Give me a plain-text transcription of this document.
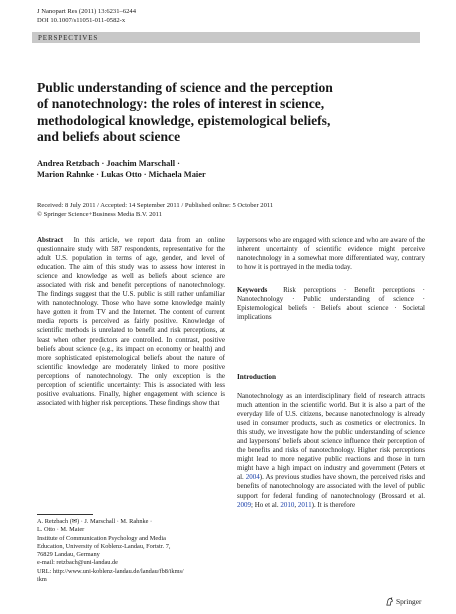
J Nanopart Res (2011) 13:6231–6244
DOI 10.1007/s11051-011-0582-x
PERSPECTIVES
Public understanding of science and the perception
of nanotechnology: the roles of interest in science,
methodological knowledge, epistemological beliefs,
and beliefs about science
Andrea Retzbach · Joachim Marschall ·
Marion Rahnke · Lukas Otto · Michaela Maier
Received: 8 July 2011 / Accepted: 14 September 2011 / Published online: 5 October 2011
© Springer Science+Business Media B.V. 2011
Abstract In this article, we report data from an online questionnaire study with 587 respondents, representative for the adult U.S. population in terms of age, gender, and level of education. The aim of this study was to assess how interest in science and knowledge as well as beliefs about science are associated with risk and benefit perceptions of nanotechnology. The findings suggest that the U.S. public is still rather unfamiliar with nanotechnology. Those who have some knowledge mainly have gotten it from TV and the Internet. The content of current media reports is perceived as fairly positive. Knowledge of scientific methods is unrelated to benefit and risk perceptions, at least when other predictors are controlled. In contrast, positive beliefs about science (e.g., its impact on economy or health) and more sophisticated epistemological beliefs about the nature of scientific knowledge are moderately linked to more positive perceptions of nanotechnology. The only exception is the perception of scientific uncertainty: This is associated with less positive evaluations. Finally, higher engagement with science is associated with higher risk perceptions. These findings show that
laypersons who are engaged with science and who are aware of the inherent uncertainty of scientific evidence might perceive nanotechnology in a somewhat more differentiated way, contrary to how it is portrayed in the media today.
Keywords Risk perceptions · Benefit perceptions · Nanotechnology · Public understanding of science · Epistemological beliefs · Beliefs about science · Societal implications
Introduction
Nanotechnology as an interdisciplinary field of research attracts much attention in the scientific world. But it is also a part of the everyday life of U.S. citizens, because nanotechnology is already used in consumer products, such as cosmetics or electronics. In this study, we investigate how the public understanding of science and laypersons' beliefs about science influence their perception of the benefits and risks of nanotechnology. Higher risk perceptions might lead to more negative public reactions and those in turn might have a high impact on industry and government (Peters et al. 2004). As previous studies have shown, the perceived risks and benefits of nanotechnology are associated with the level of public support for federal funding of nanotechnology (Brossard et al. 2009; Ho et al. 2010, 2011). It is therefore
A. Retzbach (✉) · J. Marschall · M. Rahnke ·
L. Otto · M. Maier
Institute of Communication Psychology and Media
Education, University of Koblenz-Landau, Fortstr. 7,
76829 Landau, Germany
e-mail: retzbach@uni-landau.de
URL: http://www.uni-koblenz-landau.de/landau/fb8/ikms/
ikm
Springer
